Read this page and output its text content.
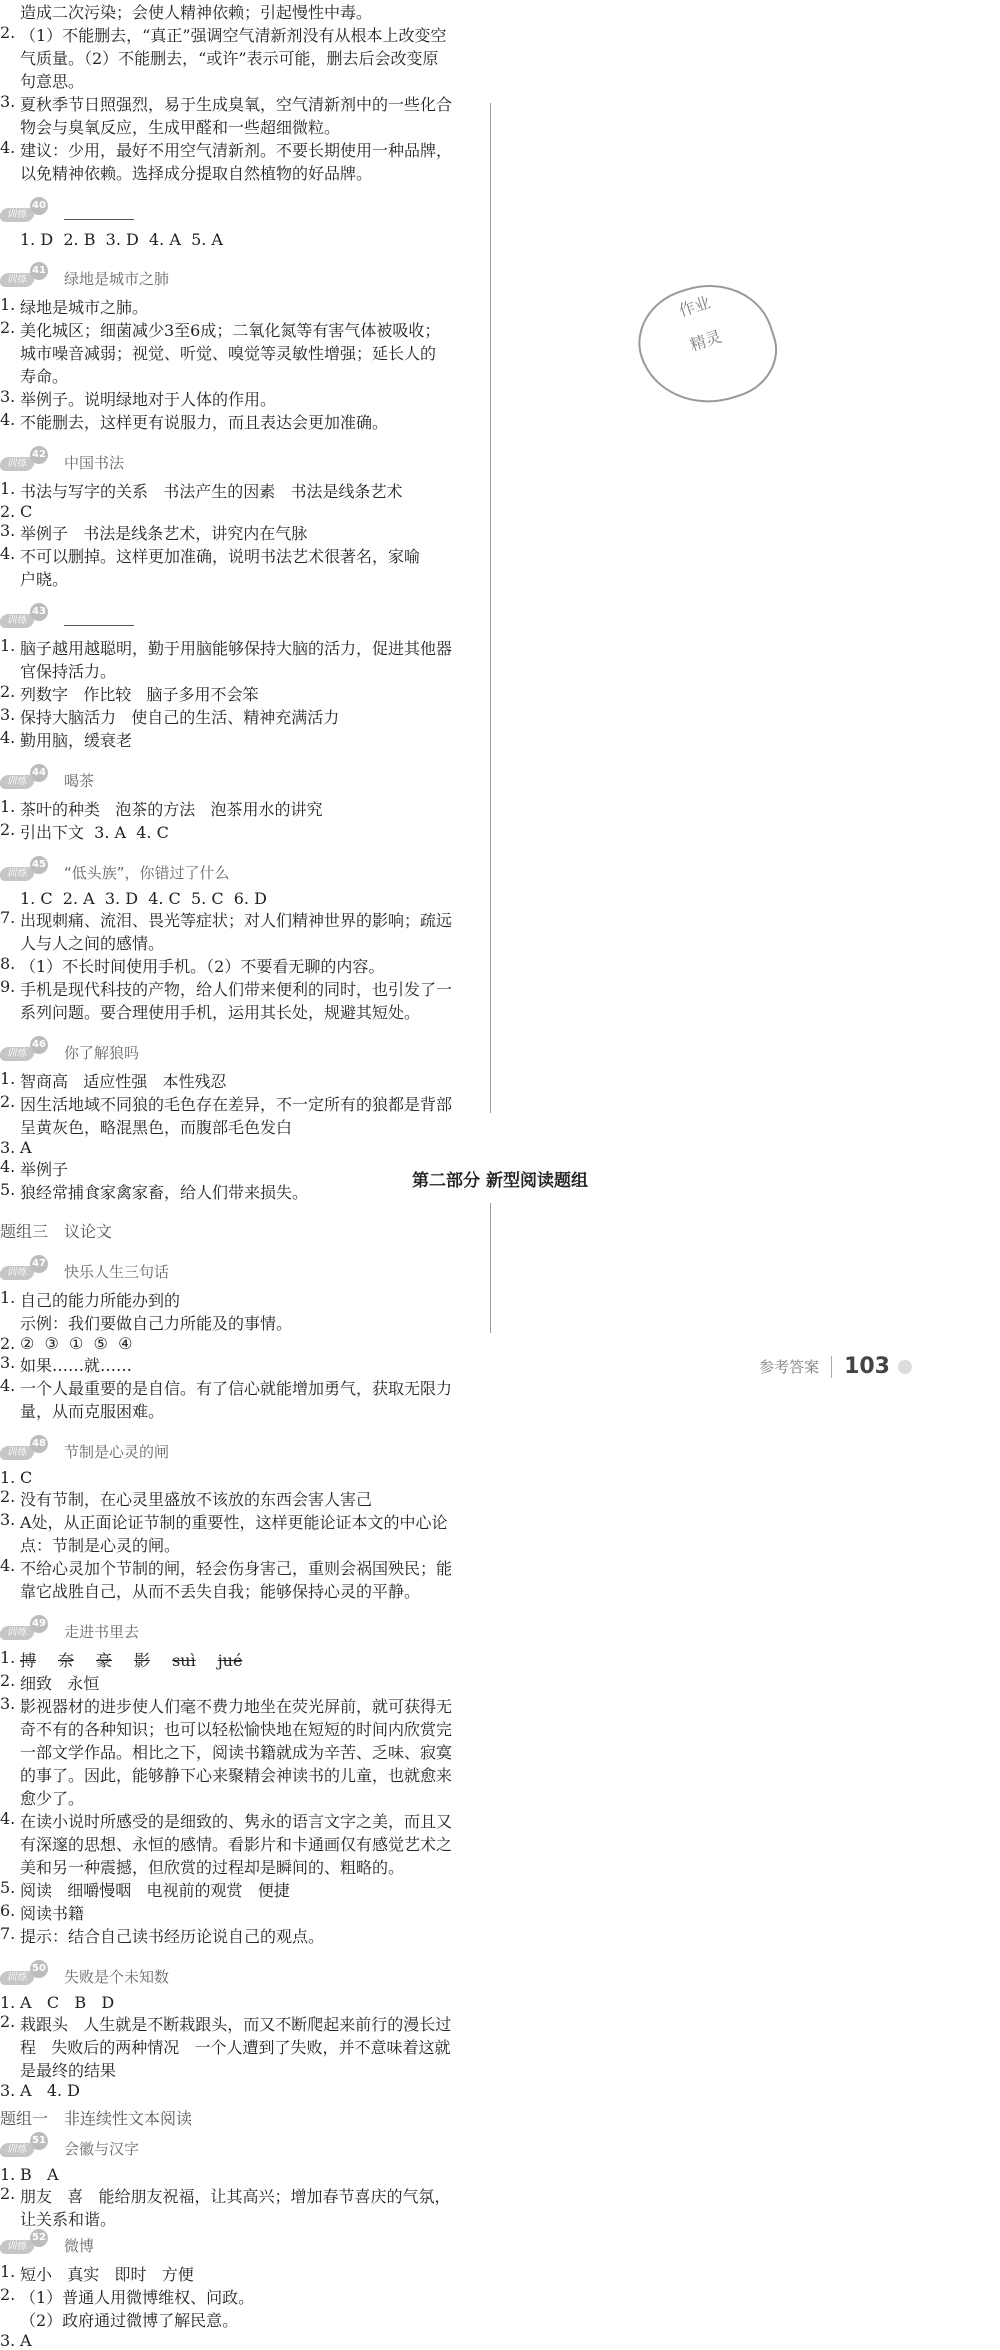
造成二次污染；会使人精神依赖；引起慢性中毒。
2. （1）不能删去，“真正”强调空气清新剂没有从根本上改变空
气质量。（2）不能删去，“或许”表示可能，删去后会改变原
句意思。
3. 夏秋季节日照强烈，易于生成臭氧，空气清新剂中的一些化合
物会与臭氧反应，生成甲醛和一些超细微粒。
4. 建议：少用，最好不用空气清新剂。不要长期使用一种品牌，
以免精神依赖。选择成分提取自然植物的好品牌。
训练
40
1. D  2. B  3. D  4. A  5. A
训练
41 绿地是城市之肺
1. 绿地是城市之肺。
2. 美化城区；细菌减少3至6成；二氧化氮等有害气体被吸收；
城市噪音减弱；视觉、听觉、嗅觉等灵敏性增强；延长人的
寿命。
3. 举例子。说明绿地对于人体的作用。
4. 不能删去，这样更有说服力，而且表达会更加准确。
训练
42 中国书法
1. 书法与写字的关系   书法产生的因素   书法是线条艺术
2. C
3. 举例子   书法是线条艺术，讲究内在气脉
4. 不可以删掉。这样更加准确，说明书法艺术很著名，家喻
户晓。
训练
43
1. 脑子越用越聪明，勤于用脑能够保持大脑的活力，促进其他器
官保持活力。
2. 列数字   作比较   脑子多用不会笨
3. 保持大脑活力   使自己的生活、精神充满活力
4. 勤用脑，缓衰老
训练
44 喝茶
1. 茶叶的种类   泡茶的方法   泡茶用水的讲究
2. 引出下文  3. A  4. C
训练
45 “低头族”，你错过了什么
1. C  2. A  3. D  4. C  5. C  6. D
7. 出现刺痛、流泪、畏光等症状；对人们精神世界的影响；疏远
人与人之间的感情。
8. （1）不长时间使用手机。（2）不要看无聊的内容。
9. 手机是现代科技的产物，给人们带来便利的同时，也引发了一
系列问题。要合理使用手机，运用其长处，规避其短处。
训练
46 你了解狼吗
1. 智商高   适应性强   本性残忍
2. 因生活地域不同狼的毛色存在差异，不一定所有的狼都是背部
呈黄灰色，略混黑色，而腹部毛色发白
3. A
4. 举例子
5. 狼经常捕食家禽家畜，给人们带来损失。
题组三 议论文
训练
47 快乐人生三句话
1. 自己的能力所能办到的
示例：我们要做自己力所能及的事情。
2. ②  ③  ①  ⑤  ④
3. 如果……就……
4. 一个人最重要的是自信。有了信心就能增加勇气，获取无限力
量，从而克服困难。
训练
48 节制是心灵的闸
1. C
2. 没有节制，在心灵里盛放不该放的东西会害人害己
3. A处，从正面论证节制的重要性，这样更能论证本文的中心论
点：节制是心灵的闸。
4. 不给心灵加个节制的闸，轻会伤身害己，重则会祸国殃民；能
靠它战胜自己，从而不丢失自我；能够保持心灵的平静。
训练
49 走进书里去
1. 搏 奈 豪 影 suì jué
2. 细致   永恒
3. 影视器材的进步使人们毫不费力地坐在荧光屏前，就可获得无
奇不有的各种知识；也可以轻松愉快地在短短的时间内欣赏完
一部文学作品。相比之下，阅读书籍就成为辛苦、乏味、寂寞
的事了。因此，能够静下心来聚精会神读书的儿童，也就愈来
愈少了。
4. 在读小说时所感受的是细致的、隽永的语言文字之美，而且又
有深邃的思想、永恒的感情。看影片和卡通画仅有感觉艺术之
美和另一种震撼，但欣赏的过程却是瞬间的、粗略的。
5. 阅读   细嚼慢咽   电视前的观赏   便捷
6. 阅读书籍
7. 提示：结合自己读书经历论说自己的观点。
训练
50 失败是个未知数
1. A   C   B   D
2. 栽跟头   人生就是不断栽跟头，而又不断爬起来前行的漫长过
程   失败后的两种情况   一个人遭到了失败，并不意味着这就
是最终的结果
3. A   4. D
作业
精灵
第二部分 新型阅读题组
题组一 非连续性文本阅读
训练
51 会徽与汉字
1. B   A
2. 朋友   喜   能给朋友祝福，让其高兴；增加春节喜庆的气氛，
让关系和谐。
训练
52 微博
1. 短小   真实   即时   方便
2. （1）普通人用微博维权、问政。
（2）政府通过微博了解民意。
3. A
参考答案 103
